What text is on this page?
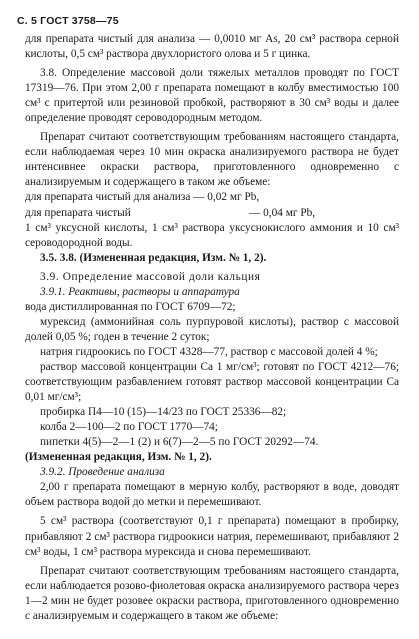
С. 5 ГОСТ 3758—75

для препарата чистый для анализа — 0,0010 мг As, 20 см³ раствора серной кислоты, 0,5 см³ раствора двухлористого олова и 5 г цинка.

3.8. Определение массовой доли тяжелых металлов проводят по ГОСТ 17319—76. При этом 2,00 г препарата помещают в колбу вместимостью 100 см³ с притертой или резиновой пробкой, растворяют в 30 см³ воды и далее определение проводят сероводородным методом.

Препарат считают соответствующим требованиям настоящего стандарта, если наблюдаемая через 10 мин окраска анализируемого раствора не будет интенсивнее окраски раствора, приготовленного одновременно с анализируемым и содержащего в таком же объеме:

для препарата чистый для анализа — 0,02 мг Pb,

для препарата чистый	— 0,04 мг Pb,

1 см³ уксусной кислоты, 1 см³ раствора уксуснокислого аммония и 10 см³ сероводородной воды.

3.5. 3.8. (Измененная редакция, Изм. № 1, 2).

3.9. Определение массовой доли кальция

3.9.1. Реактивы, растворы и аппаратура

вода дистиллированная по ГОСТ 6709—72;

мурексид (аммонийная соль пурпуровой кислоты), раствор с массовой долей 0,05 %; годен в течение 2 суток;

натрия гидроокись по ГОСТ 4328—77, раствор с массовой долей 4 %;

раствор массовой концентрации Ca 1 мг/см³; готовят по ГОСТ 4212—76; соответствующим разбавлением готовят раствор массовой концентрации Ca 0,01 мг/см³;

пробирка П4—10 (15)—14/23 по ГОСТ 25336—82;

колба 2—100—2 по ГОСТ 1770—74;

пипетки 4(5)—2—1 (2) и 6(7)—2—5 по ГОСТ 20292—74.

(Измененная редакция, Изм. № 1, 2).

3.9.2. Проведение анализа

2,00 г препарата помещают в мерную колбу, растворяют в воде, доводят объем раствора водой до метки и перемешивают.

5 см³ раствора (соответствуют 0,1 г препарата) помещают в пробирку, прибавляют 2 см³ раствора гидроокиси натрия, перемешивают, прибавляют 2 см³ воды, 1 см³ раствора мурексида и снова перемешивают.

Препарат считают соответствующим требованиям настоящего стандарта, если наблюдается розово-фиолетовая окраска анализируемого раствора через 1—2 мин не будет розовее окраски раствора, приготовленного одновременно с анализируемым и содержащего в таком же объеме:
